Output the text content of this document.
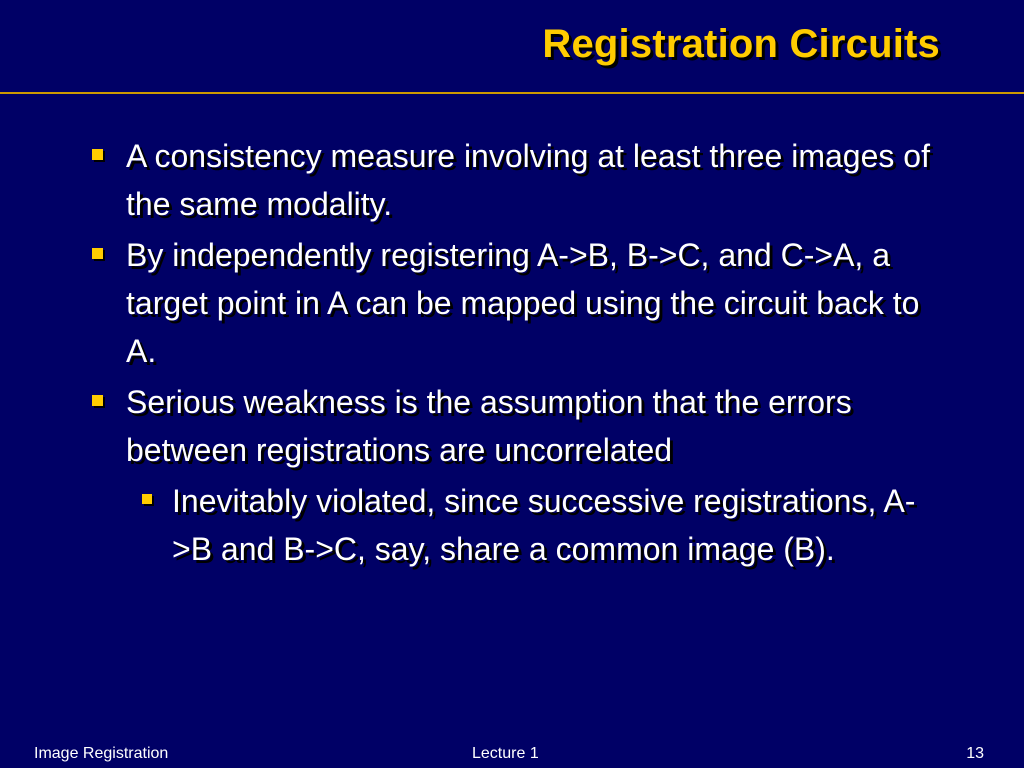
Registration Circuits
A consistency measure involving at least three images of the same modality.
By independently registering A->B, B->C, and C->A, a target point in A can be mapped using the circuit back to A.
Serious weakness is the assumption that the errors between registrations are uncorrelated
Inevitably violated, since successive registrations, A->B and B->C, say, share a common image (B).
Image Registration	Lecture 1	13
